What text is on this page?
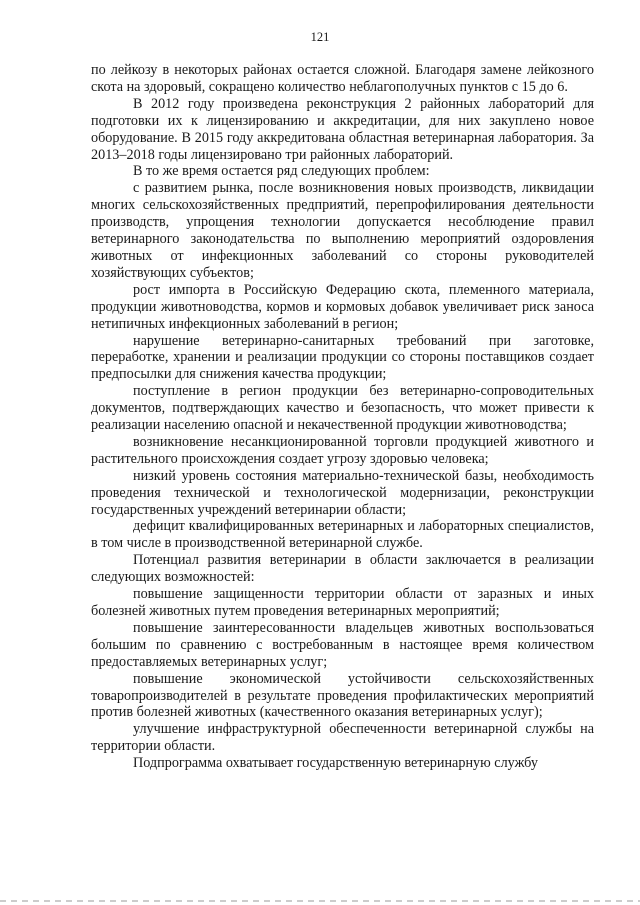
121

по лейкозу в некоторых районах остается сложной. Благодаря замене лейкозного скота на здоровый, сокращено количество неблагополучных пунктов с 15 до 6.

В 2012 году произведена реконструкция 2 районных лабораторий для подготовки их к лицензированию и аккредитации, для них закуплено новое оборудование. В 2015 году аккредитована областная ветеринарная лаборатория. За 2013–2018 годы лицензировано три районных лабораторий.

В то же время остается ряд следующих проблем:

с развитием рынка, после возникновения новых производств, ликвидации многих сельскохозяйственных предприятий, перепрофилирования деятельности производств, упрощения технологии допускается несоблюдение правил ветеринарного законодательства по выполнению мероприятий оздоровления животных от инфекционных заболеваний со стороны руководителей хозяйствующих субъектов;

рост импорта в Российскую Федерацию скота, племенного материала, продукции животноводства, кормов и кормовых добавок увеличивает риск заноса нетипичных инфекционных заболеваний в регион;

нарушение ветеринарно-санитарных требований при заготовке, переработке, хранении и реализации продукции со стороны поставщиков создает предпосылки для снижения качества продукции;

поступление в регион продукции без ветеринарно-сопроводительных документов, подтверждающих качество и безопасность, что может привести к реализации населению опасной и некачественной продукции животноводства;

возникновение несанкционированной торговли продукцией животного и растительного происхождения создает угрозу здоровью человека;

низкий уровень состояния материально-технической базы, необходимость проведения технической и технологической модернизации, реконструкции государственных учреждений ветеринарии области;

дефицит квалифицированных ветеринарных и лабораторных специалистов, в том числе в производственной ветеринарной службе.

Потенциал развития ветеринарии в области заключается в реализации следующих возможностей:

повышение защищенности территории области от заразных и иных болезней животных путем проведения ветеринарных мероприятий;

повышение заинтересованности владельцев животных воспользоваться большим по сравнению с востребованным в настоящее время количеством предоставляемых ветеринарных услуг;

повышение экономической устойчивости сельскохозяйственных товаропроизводителей в результате проведения профилактических мероприятий против болезней животных (качественного оказания ветеринарных услуг);

улучшение инфраструктурной обеспеченности ветеринарной службы на территории области.

Подпрограмма охватывает государственную ветеринарную службу
